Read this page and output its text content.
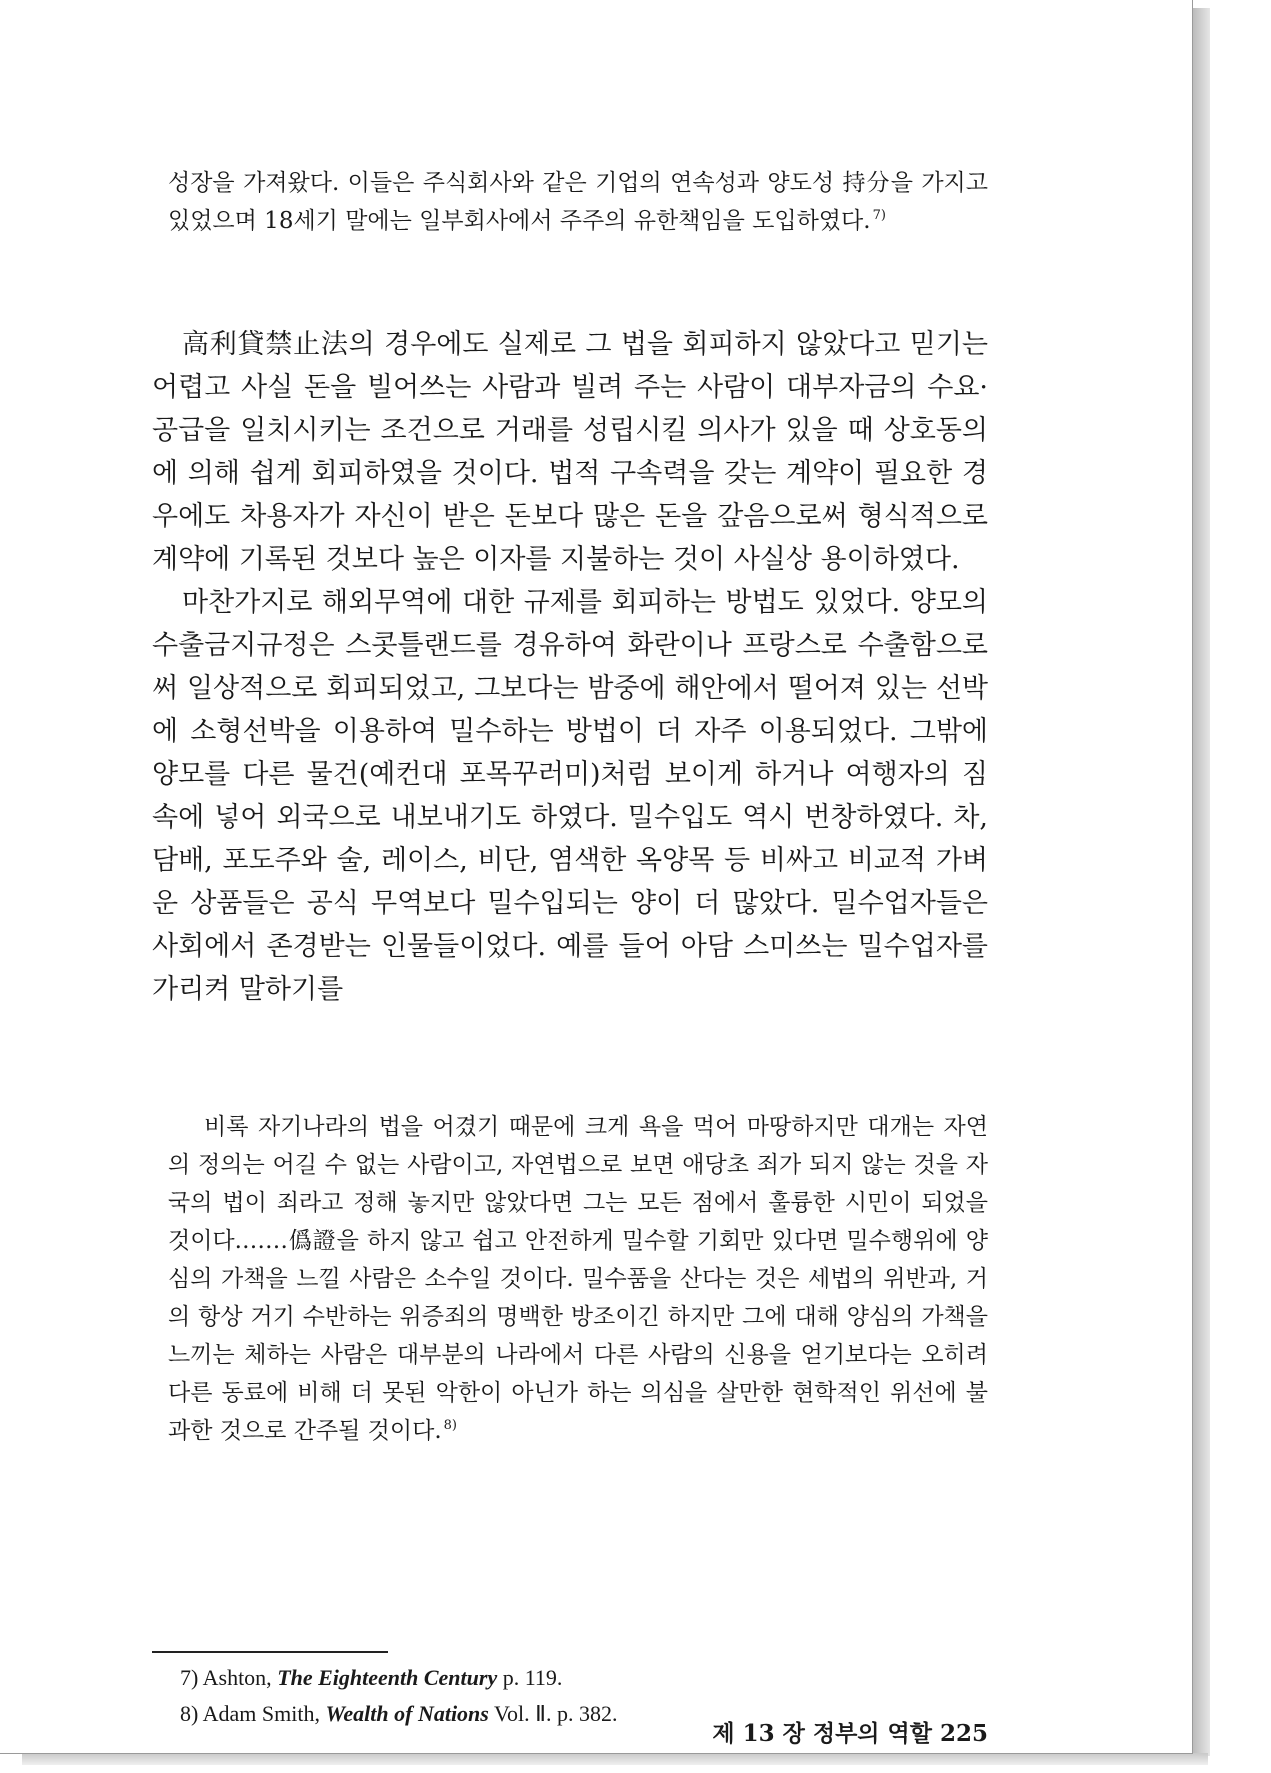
성장을 가져왔다. 이들은 주식회사와 같은 기업의 연속성과 양도성 持分을 가지고 있었으며 18세기 말에는 일부회사에서 주주의 유한책임을 도입하였다. $^{7)}$

高利貸禁止法의 경우에도 실제로 그 법을 회피하지 않았다고 믿기는 어렵고 사실 돈을 빌어쓰는 사람과 빌려 주는 사람이 대부자금의 수요·공급을 일치시키는 조건으로 거래를 성립시킬 의사가 있을 때 상호동의에 의해 쉽게 회피하였을 것이다. 법적 구속력을 갖는 계약이 필요한 경우에도 차용자가 자신이 받은 돈보다 많은 돈을 갚음으로써 형식적으로 계약에 기록된 것보다 높은 이자를 지불하는 것이 사실상 용이하였다.

마찬가지로 해외무역에 대한 규제를 회피하는 방법도 있었다. 양모의 수출금지규정은 스콧틀랜드를 경유하여 화란이나 프랑스로 수출함으로써 일상적으로 회피되었고, 그보다는 밤중에 해안에서 떨어져 있는 선박에 소형선박을 이용하여 밀수하는 방법이 더 자주 이용되었다. 그밖에 양모를 다른 물건(예컨대 포목꾸러미)처럼 보이게 하거나 여행자의 짐 속에 넣어 외국으로 내보내기도 하였다. 밀수입도 역시 번창하였다. 차, 담배, 포도주와 술, 레이스, 비단, 염색한 옥양목 등 비싸고 비교적 가벼운 상품들은 공식 무역보다 밀수입되는 양이 더 많았다. 밀수업자들은 사회에서 존경받는 인물들이었다. 예를 들어 아담 스미쓰는 밀수업자를 가리켜 말하기를

비록 자기나라의 법을 어겼기 때문에 크게 욕을 먹어 마땅하지만 대개는 자연의 정의는 어길 수 없는 사람이고, 자연법으로 보면 애당초 죄가 되지 않는 것을 자국의 법이 죄라고 정해 놓지만 않았다면 그는 모든 점에서 훌륭한 시민이 되었을 것이다.……僞證을 하지 않고 쉽고 안전하게 밀수할 기회만 있다면 밀수행위에 양심의 가책을 느낄 사람은 소수일 것이다. 밀수품을 산다는 것은 세법의 위반과, 거의 항상 거기 수반하는 위증죄의 명백한 방조이긴 하지만 그에 대해 양심의 가책을 느끼는 체하는 사람은 대부분의 나라에서 다른 사람의 신용을 얻기보다는 오히려 다른 동료에 비해 더 못된 악한이 아닌가 하는 의심을 살만한 현학적인 위선에 불과한 것으로 간주될 것이다. $^{8)}$
7) Ashton, The Eighteenth Century p. 119.
8) Adam Smith, Wealth of Nations Vol. Ⅱ. p. 382.
제 13 장 정부의 역할 225
